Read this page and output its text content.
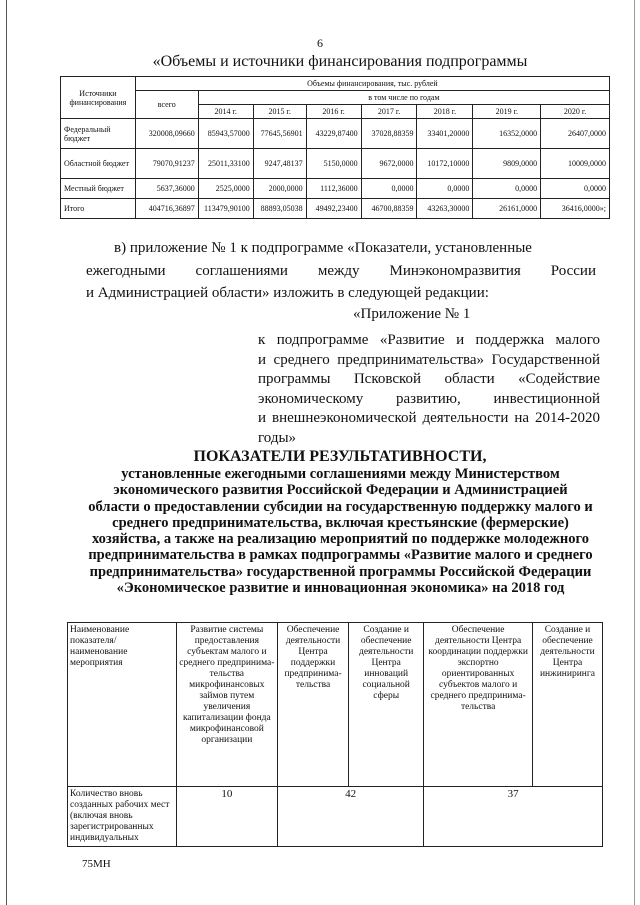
6
«Объемы и источники финансирования подпрограммы
Источники финансирования	Объемы финансирования, тыс. рублей							
	всего	в том числе по годам						
		2014 г.	2015 г.	2016 г.	2017 г.	2018 г.	2019 г.	2020 г.
Федеральный бюджет	320008,09660	85943,57000	77645,56901	43229,87400	37028,88359	33401,20000	16352,0000	26407,0000
Областной бюджет	79070,91237	25011,33100	9247,48137	5150,0000	9672,0000	10172,10000	9809,0000	10009,0000
Местный бюджет	5637,36000	2525,0000	2000,0000	1112,36000	0,0000	0,0000	0,0000	0,0000
Итого	404716,36897	113479,90100	88893,05038	49492,23400	46700,88359	43263,30000	26161,0000	36416,0000»;
в) приложение № 1 к подпрограмме «Показатели, установленные
ежегодными соглашениями между Минэкономразвития России
и Администрацией области» изложить в следующей редакции:
«Приложение № 1
к подпрограмме «Развитие и поддержка малого
и среднего предпринимательства» Государственной
программы Псковской области «Содействие
экономическому развитию, инвестиционной
и внешнеэкономической деятельности на 2014-2020
годы»
ПОКАЗАТЕЛИ РЕЗУЛЬТАТИВНОСТИ,
установленные ежегодными соглашениями между Министерством экономического развития Российской Федерации и Администрацией области о предоставлении субсидии на государственную поддержку малого и среднего предпринимательства, включая крестьянские (фермерские) хозяйства, а также на реализацию мероприятий по поддержке молодежного предпринимательства в рамках подпрограммы «Развитие малого и среднего предпринимательства» государственной программы Российской Федерации «Экономическое развитие и инновационная экономика» на 2018 год
Наименование показателя/ наименование мероприятия	Развитие системы предоставления субъектам малого и среднего предпринима-тельства микрофинансовых займов путем увеличения капитализации фонда микрофинансовой организации	Обеспечение деятельности Центра поддержки предпринима-тельства	Создание и обеспечение деятельности Центра инноваций социальной сферы	Обеспечение деятельности Центра координации поддержки экспортно ориентированных субъектов малого и среднего предпринима-тельства	Создание и обеспечение деятельности Центра инжиниринга
Количество вновь созданных рабочих мест (включая вновь зарегистрированных индивидуальных	10	42		37	
75МН
